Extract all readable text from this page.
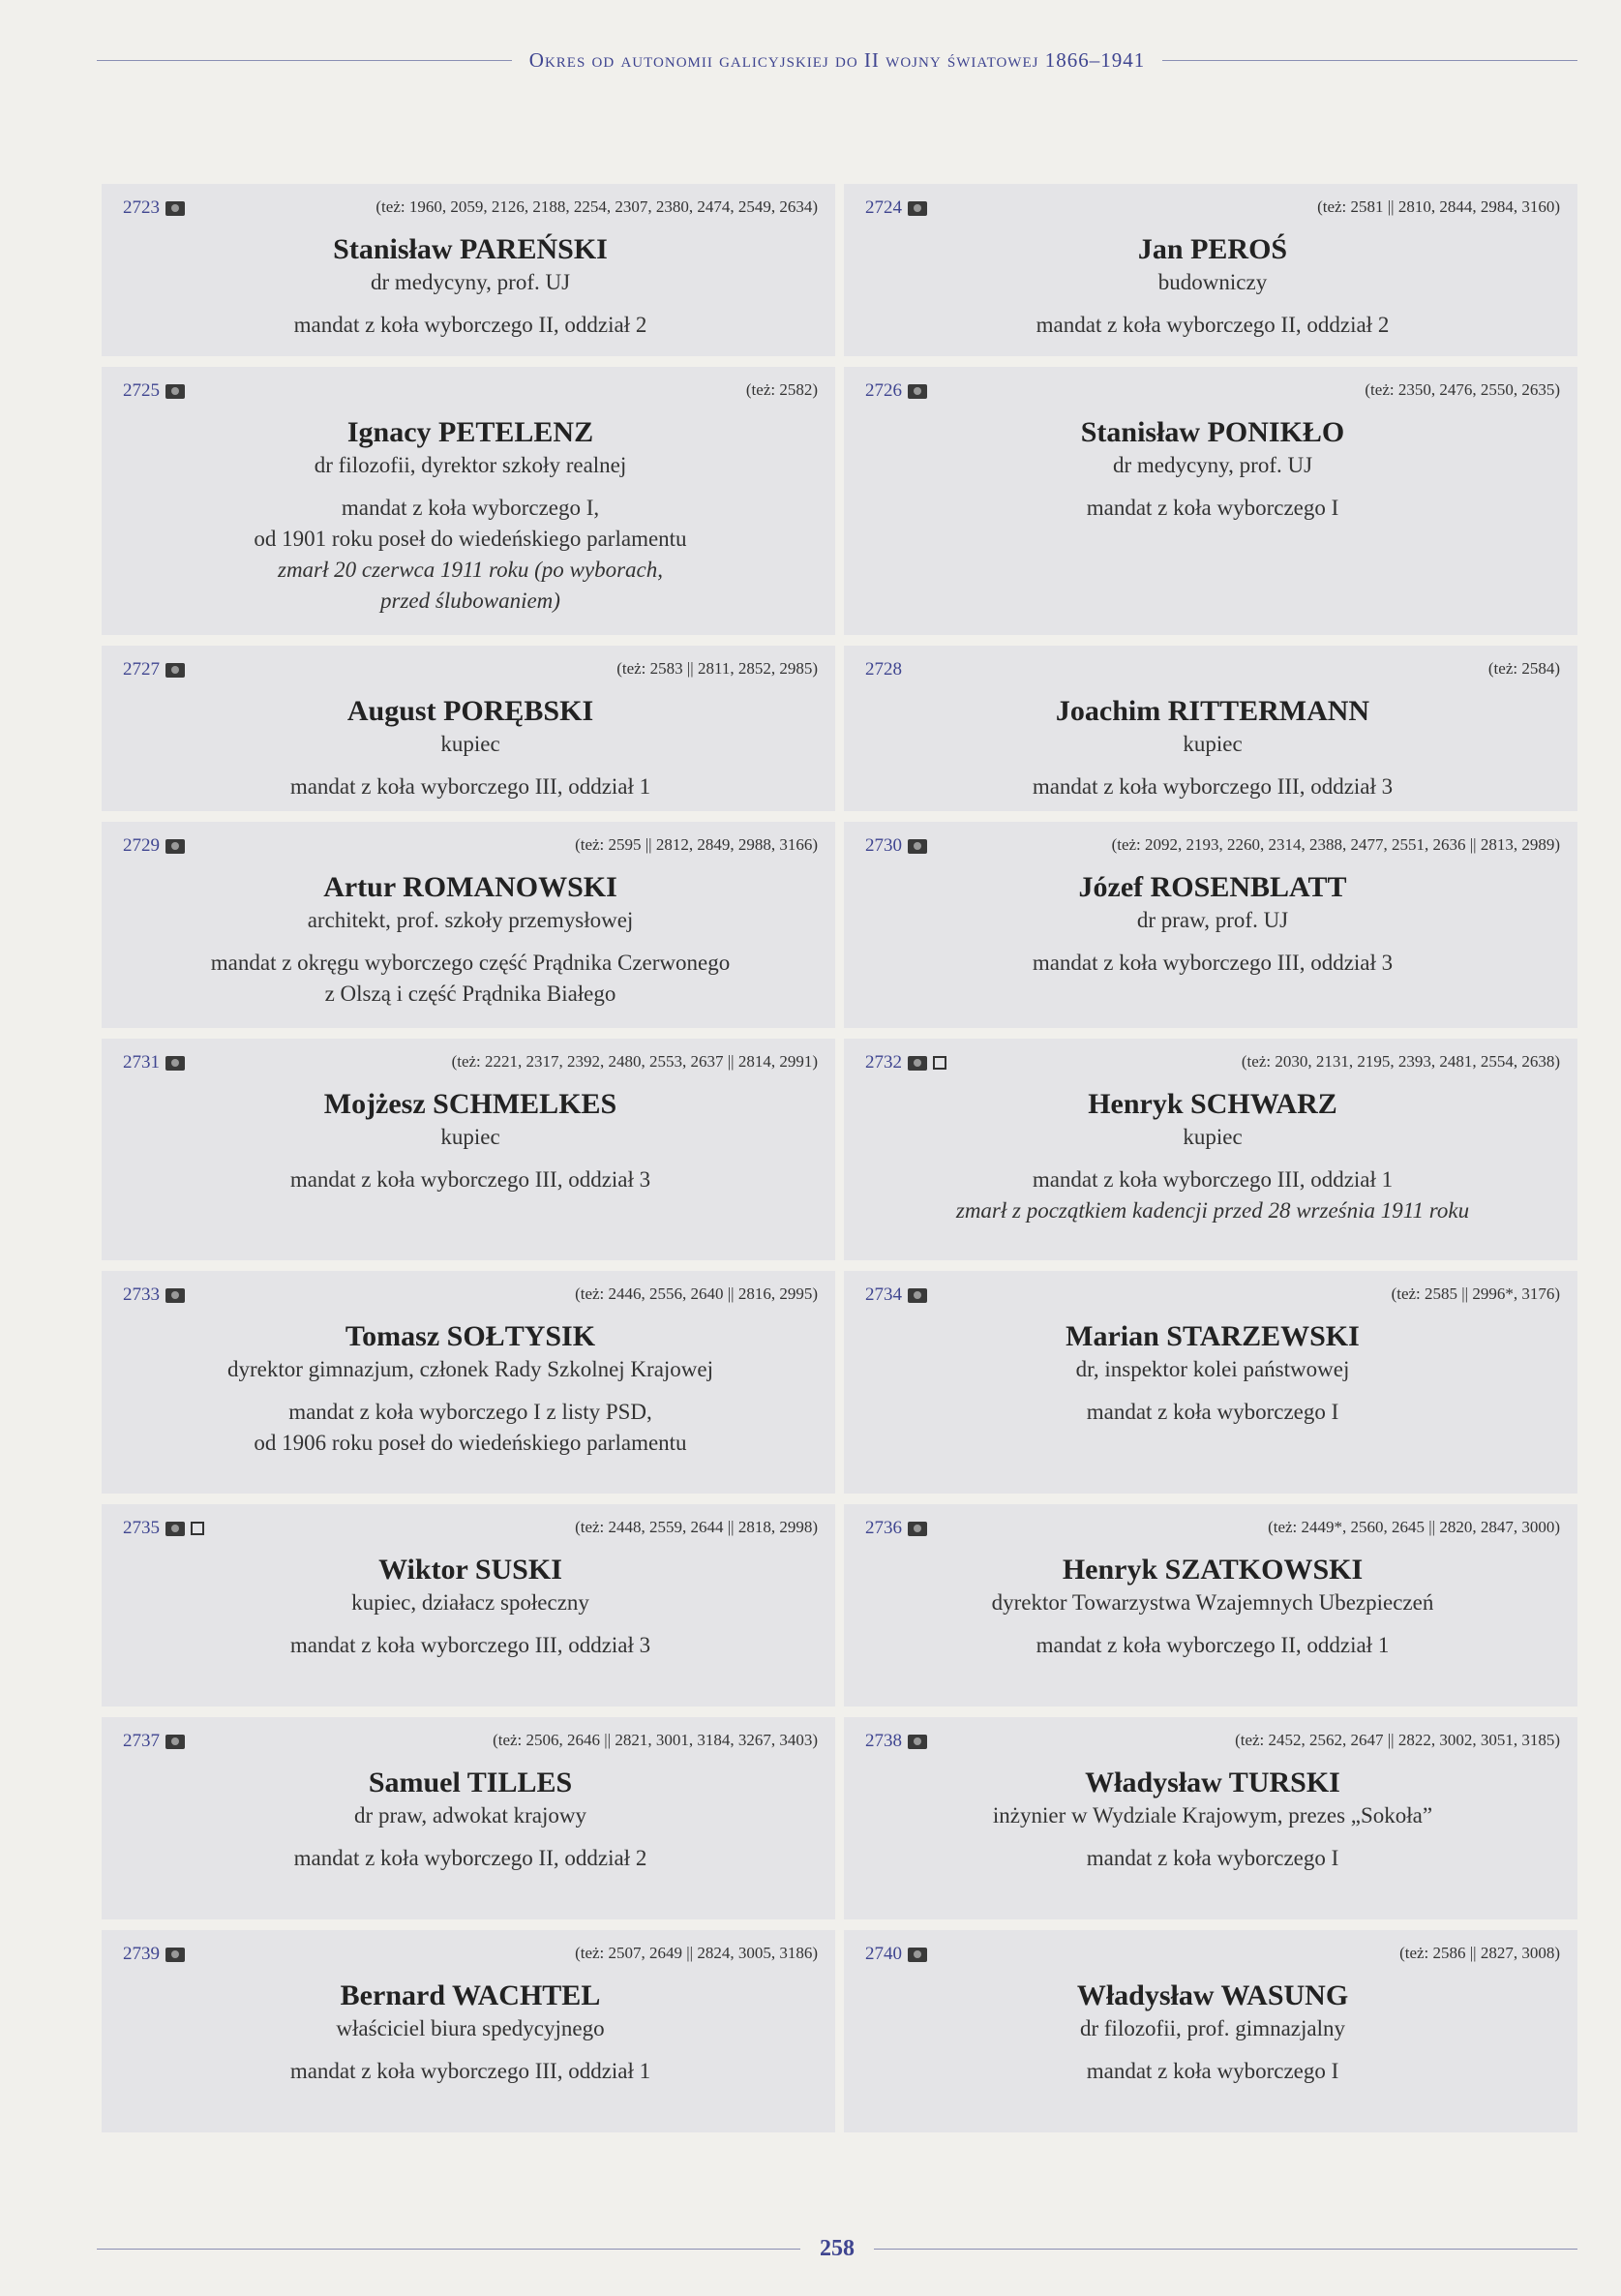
Okres od autonomii galicyjskiej do II wojny światowej 1866–1941
2723	(też: 1960, 2059, 2126, 2188, 2254, 2307, 2380, 2474, 2549, 2634)
Stanisław PAREŃSKI
dr medycyny, prof. UJ
mandat z koła wyborczego II, oddział 2
2724	(też: 2581 || 2810, 2844, 2984, 3160)
Jan PEROŚ
budowniczy
mandat z koła wyborczego II, oddział 2
2725	(też: 2582)
Ignacy PETELENZ
dr filozofii, dyrektor szkoły realnej
mandat z koła wyborczego I,
od 1901 roku poseł do wiedeńskiego parlamentu
zmarł 20 czerwca 1911 roku (po wyborach,
przed ślubowaniem)
2726	(też: 2350, 2476, 2550, 2635)
Stanisław PONIKŁO
dr medycyny, prof. UJ
mandat z koła wyborczego I
2727	(też: 2583 || 2811, 2852, 2985)
August PORĘBSKI
kupiec
mandat z koła wyborczego III, oddział 1
2728	(też: 2584)
Joachim RITTERMANN
kupiec
mandat z koła wyborczego III, oddział 3
2729	(też: 2595 || 2812, 2849, 2988, 3166)
Artur ROMANOWSKI
architekt, prof. szkoły przemysłowej
mandat z okręgu wyborczego część Prądnika Czerwonego
z Olszą i część Prądnika Białego
2730	(też: 2092, 2193, 2260, 2314, 2388, 2477, 2551, 2636 || 2813, 2989)
Józef ROSENBLATT
dr praw, prof. UJ
mandat z koła wyborczego III, oddział 3
2731	(też: 2221, 2317, 2392, 2480, 2553, 2637 || 2814, 2991)
Mojżesz SCHMELKES
kupiec
mandat z koła wyborczego III, oddział 3
2732	(też: 2030, 2131, 2195, 2393, 2481, 2554, 2638)
Henryk SCHWARZ
kupiec
mandat z koła wyborczego III, oddział 1
zmarł z początkiem kadencji przed 28 września 1911 roku
2733	(też: 2446, 2556, 2640 || 2816, 2995)
Tomasz SOŁTYSIK
dyrektor gimnazjum, członek Rady Szkolnej Krajowej
mandat z koła wyborczego I z listy PSD,
od 1906 roku poseł do wiedeńskiego parlamentu
2734	(też: 2585 || 2996*, 3176)
Marian STARZEWSKI
dr, inspektor kolei państwowej
mandat z koła wyborczego I
2735	(też: 2448, 2559, 2644 || 2818, 2998)
Wiktor SUSKI
kupiec, działacz społeczny
mandat z koła wyborczego III, oddział 3
2736	(też: 2449*, 2560, 2645 || 2820, 2847, 3000)
Henryk SZATKOWSKI
dyrektor Towarzystwa Wzajemnych Ubezpieczeń
mandat z koła wyborczego II, oddział 1
2737	(też: 2506, 2646 || 2821, 3001, 3184, 3267, 3403)
Samuel TILLES
dr praw, adwokat krajowy
mandat z koła wyborczego II, oddział 2
2738	(też: 2452, 2562, 2647 || 2822, 3002, 3051, 3185)
Władysław TURSKI
inżynier w Wydziale Krajowym, prezes „Sokoła”
mandat z koła wyborczego I
2739	(też: 2507, 2649 || 2824, 3005, 3186)
Bernard WACHTEL
właściciel biura spedycyjnego
mandat z koła wyborczego III, oddział 1
2740	(też: 2586 || 2827, 3008)
Władysław WASUNG
dr filozofii, prof. gimnazjalny
mandat z koła wyborczego I
258
